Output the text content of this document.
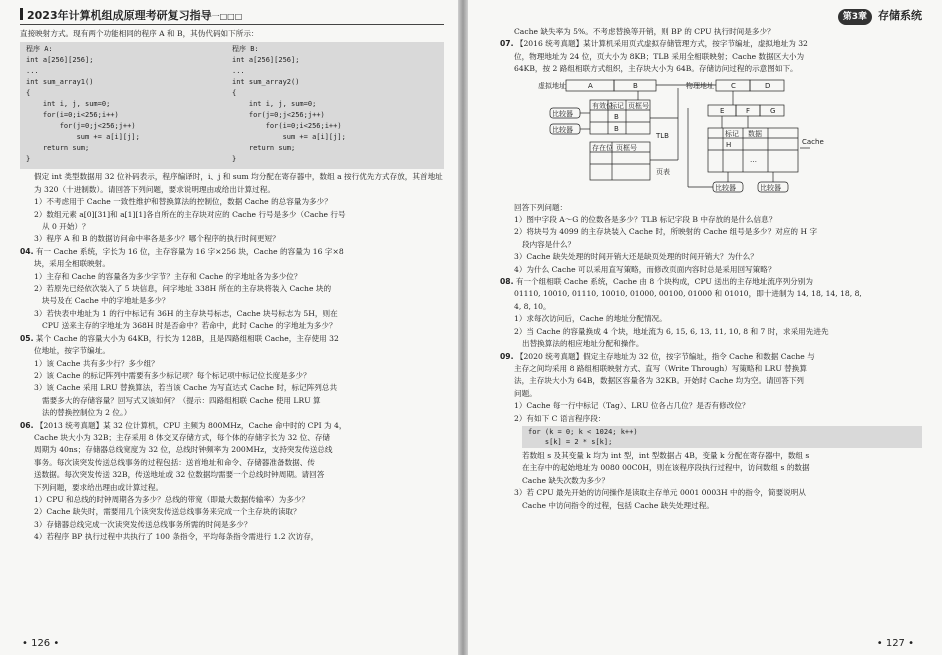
2023年计算机组成原理考研复习指导一□□□

直接映射方式。现有两个功能相同的程序 A 和 B，其伪代码如下所示：

程序 A:
int a[256][256];
...
int sum_array1()
{
int i, j, sum=0;
for(i=0;i<256;i++)
for(j=0;j<256;j++)
sum += a[i][j];
return sum;
}
程序 B:
int a[256][256];
...
int sum_array2()
{
int i, j, sum=0;
for(j=0;j<256;j++)
for(i=0;i<256;i++)
sum += a[i][j];
return sum;
}

假定 int 类型数据用 32 位补码表示，程序编译时，i、j 和 sum 均分配在寄存器中，数组 a 按行优先方式存放，其首地址为 320（十进制数）。请回答下列问题，要求说明理由或给出计算过程。

1）不考虑用于 Cache 一致性维护和替换算法的控制位，数据 Cache 的总容量为多少？

2）数组元素 a[0][31]和 a[1][1]各自所在的主存块对应的 Cache 行号是多少（Cache 行号

从 0 开始）？

3）程序 A 和 B 的数据访问命中率各是多少？哪个程序的执行时间更短？

04. 有一 Cache 系统，字长为 16 位，主存容量为 16 字×256 块，Cache 的容量为 16 字×8

块，采用全相联映射。

1）主存和 Cache 的容量各为多少字节？主存和 Cache 的字地址各为多少位？

2）若原先已经依次装入了 5 块信息，问字地址 338H 所在的主存块将装入 Cache 块的

块号及在 Cache 中的字地址是多少？

3）若快表中地址为 1 的行中标记有 36H 的主存块号标志，Cache 块号标志为 5H，则在

CPU 送来主存的字地址为 368H 时是否命中？若命中，此时 Cache 的字地址为多少？

05. 某个 Cache 的容量大小为 64KB，行长为 128B，且是四路组相联 Cache，主存使用 32

位地址，按字节编址。

1）该 Cache 共有多少行？多少组？

2）该 Cache 的标记阵列中需要有多少标记项？每个标记项中标记位长度是多少？

3）该 Cache 采用 LRU 替换算法，若当该 Cache 为写直达式 Cache 时，标记阵列总共

需要多大的存储容量？回写式又该如何？（提示：四路组相联 Cache 使用 LRU 算

法的替换控制位为 2 位。）

06. 【2013 统考真题】某 32 位计算机，CPU 主频为 800MHz，Cache 命中时的 CPI 为 4，

Cache 块大小为 32B；主存采用 8 体交叉存储方式，每个体的存储字长为 32 位、存储

周期为 40ns；存储器总线宽度为 32 位，总线时钟频率为 200MHz，支持突发传送总线

事务。每次读突发传送总线事务的过程包括：送首地址和命令、存储器准备数据、传

送数据。每次突发传送 32B，传送地址或 32 位数据均需要一个总线时钟周期。请回答

下列问题，要求给出理由或计算过程。

1）CPU 和总线的时钟周期各为多少？总线的带宽（即最大数据传输率）为多少？

2）Cache 缺失时，需要用几个读突发传送总线事务来完成一个主存块的读取？

3）存储器总线完成一次读突发传送总线事务所需的时间是多少？

4）若程序 BP 执行过程中共执行了 100 条指令，平均每条指令需进行 1.2 次访存，

• 126 •
第3章 存储系统

Cache 缺失率为 5%。不考虑替换等开销，则 BP 的 CPU 执行时间是多少？

07. 【2016 统考真题】某计算机采用页式虚拟存储管理方式，按字节编址，虚拟地址为 32

位，物理地址为 24 位，页大小为 8KB；TLB 采用全相联映射；Cache 数据区大小为

64KB，按 2 路组相联方式组织，主存块大小为 64B。存储访问过程的示意图如下。

虚拟地址	A	B	物理地址 C	D
E	F	G
标记 页框号
有效位
B
B
TLB
比较器
比较器
存在位 页框号
页表
标记 数据
H
…
Cache
比较器	比较器

回答下列问题：

1）图中字段 A～G 的位数各是多少？TLB 标记字段 B 中存放的是什么信息？

2）将块号为 4099 的主存块装入 Cache 时，所映射的 Cache 组号是多少？对应的 H 字

段内容是什么？

3）Cache 缺失处理的时间开销大还是缺页处理的时间开销大？为什么？

4）为什么 Cache 可以采用直写策略，而修改页面内容时总是采用回写策略？

08. 有一个组相联 Cache 系统，Cache 由 8 个块构成，CPU 送出的主存地址流序列分别为

01110, 10010, 01110, 10010, 01000, 00100, 01000 和 01010，即十进制为 14, 18, 14, 18, 8,

4, 8, 10。

1）求每次访问后，Cache 的地址分配情况。

2）当 Cache 的容量换成 4 个块，地址流为 6, 15, 6, 13, 11, 10, 8 和 7 时，求采用先进先

出替换算法的相应地址分配和操作。

09. 【2020 统考真题】假定主存地址为 32 位，按字节编址，指令 Cache 和数据 Cache 与

主存之间均采用 8 路组相联映射方式、直写（Write Through）写策略和 LRU 替换算

法，主存块大小为 64B，数据区容量各为 32KB。开始时 Cache 均为空。请回答下列

问题。

1）Cache 每一行中标记（Tag）、LRU 位各占几位？是否有修改位？

2）有如下 C 语言程序段：

for (k = 0; k < 1024; k++)
s[k] = 2 * s[k];

若数组 s 及其变量 k 均为 int 型，int 型数据占 4B，变量 k 分配在寄存器中，数组 s

在主存中的起始地址为 0080 00C0H，则在该程序段执行过程中，访问数组 s 的数据

Cache 缺失次数为多少？

3）若 CPU 最先开始的访问操作是读取主存单元 0001 0003H 中的指令，简要说明从

Cache 中访问指令的过程，包括 Cache 缺失处理过程。

• 127 •
